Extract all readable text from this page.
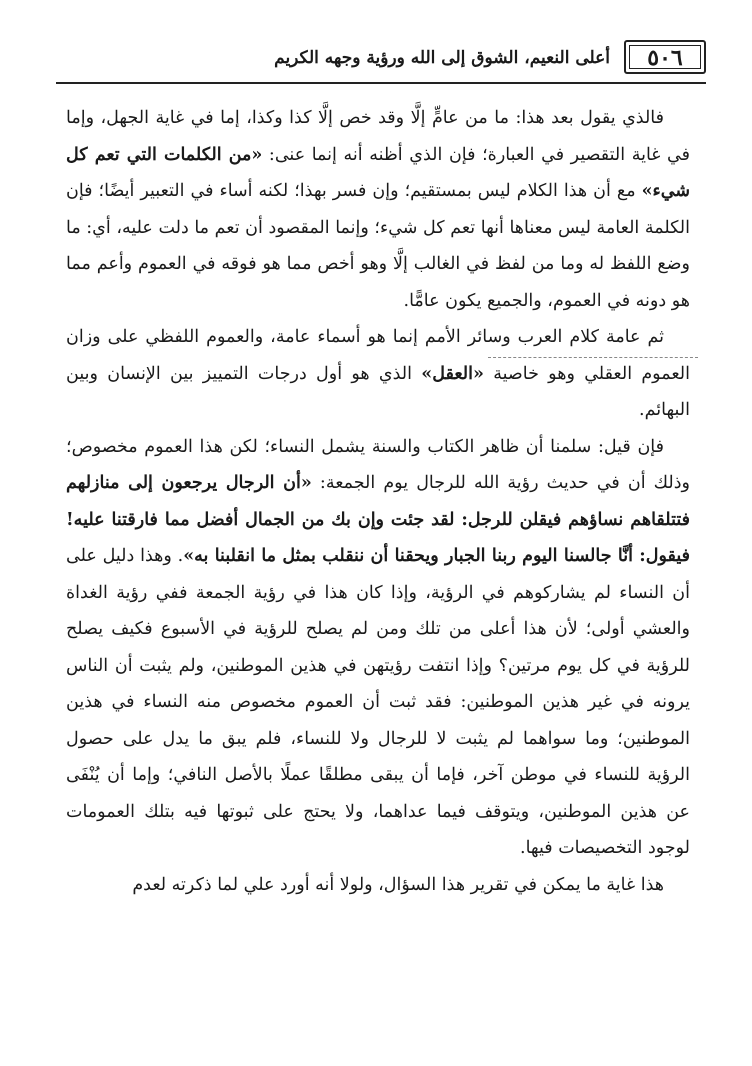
٥٠٦
أعلى النعيم، الشوق إلى الله ورؤية وجهه الكريم

فالذي يقول بعد هذا: ما من عامٍّ إلَّا وقد خص إلَّا كذا وكذا، إما في غاية الجهل، وإما في غاية التقصير في العبارة؛ فإن الذي أظنه أنه إنما عنى: «من الكلمات التي تعم كل شيء» مع أن هذا الكلام ليس بمستقيم؛ وإن فسر بهذا؛ لكنه أساء في التعبير أيضًا؛ فإن الكلمة العامة ليس معناها أنها تعم كل شيء؛ وإنما المقصود أن تعم ما دلت عليه، أي: ما وضع اللفظ له وما من لفظ في الغالب إلَّا وهو أخص مما هو فوقه في العموم وأعم مما هو دونه في العموم، والجميع يكون عامًّا.

ثم عامة كلام العرب وسائر الأمم إنما هو أسماء عامة، والعموم اللفظي على وزان العموم العقلي وهو خاصية «العقل» الذي هو أول درجات التمييز بين الإنسان وبين البهائم.

فإن قيل: سلمنا أن ظاهر الكتاب والسنة يشمل النساء؛ لكن هذا العموم مخصوص؛ وذلك أن في حديث رؤية الله للرجال يوم الجمعة: «أن الرجال يرجعون إلى منازلهم فتتلقاهم نساؤهم فيقلن للرجل: لقد جئت وإن بك من الجمال أفضل مما فارقتنا عليه! فيقول: أنَّا جالسنا اليوم ربنا الجبار ويحقنا أن ننقلب بمثل ما انقلبنا به». وهذا دليل على أن النساء لم يشاركوهم في الرؤية، وإذا كان هذا في رؤية الجمعة ففي رؤية الغداة والعشي أولى؛ لأن هذا أعلى من تلك ومن لم يصلح للرؤية في الأسبوع فكيف يصلح للرؤية في كل يوم مرتين؟ وإذا انتفت رؤيتهن في هذين الموطنين، ولم يثبت أن الناس يرونه في غير هذين الموطنين: فقد ثبت أن العموم مخصوص منه النساء في هذين الموطنين؛ وما سواهما لم يثبت لا للرجال ولا للنساء، فلم يبق ما يدل على حصول الرؤية للنساء في موطن آخر، فإما أن يبقى مطلقًا عملًا بالأصل النافي؛ وإما أن يُنْفَى عن هذين الموطنين، ويتوقف فيما عداهما، ولا يحتج على ثبوتها فيه بتلك العمومات لوجود التخصيصات فيها.

هذا غاية ما يمكن في تقرير هذا السؤال، ولولا أنه أورد علي لما ذكرته لعدم
